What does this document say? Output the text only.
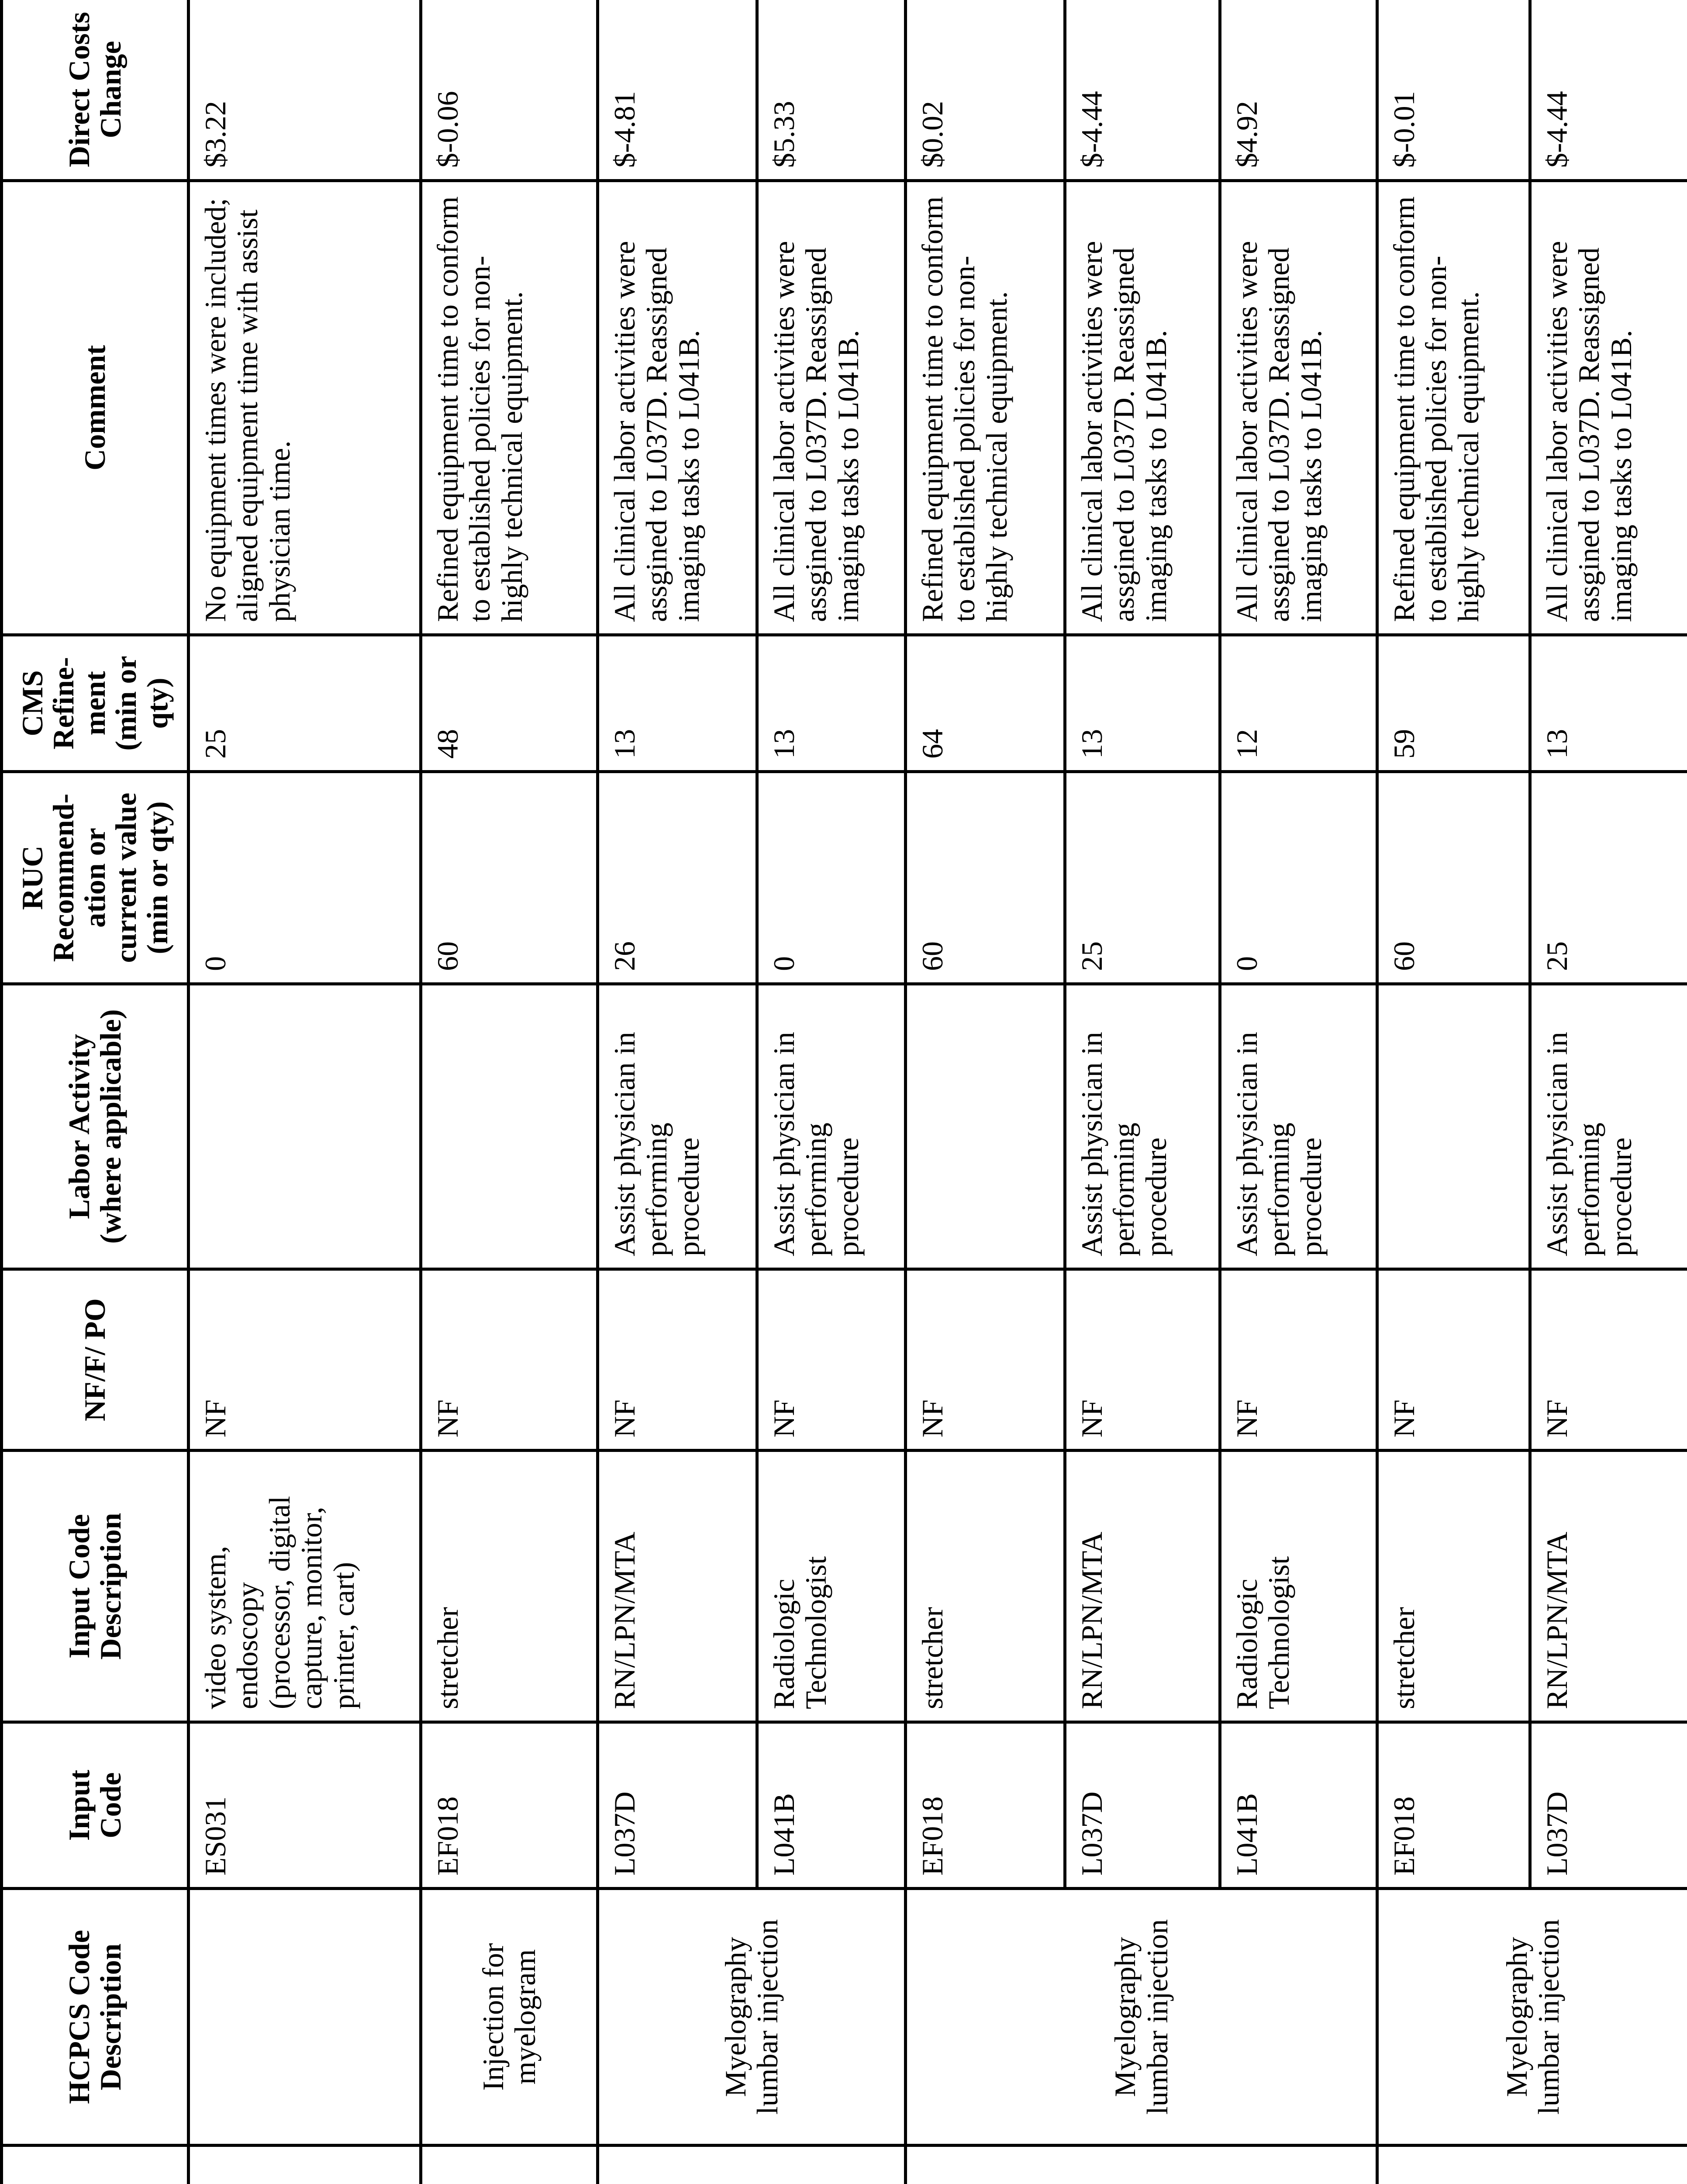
	HCPCS Code Description	Input Code	Input Code Description	NF/F/ PO	Labor Activity (where applicable)	RUC Recommend-ation or current value (min or qty)	CMS Refine-ment (min or qty)	Comment	Direct Costs Change
		ES031	video system, endoscopy (processor, digital capture, monitor, printer, cart)	NF		0	25	No equipment times were included; aligned equipment time with assist physician time.	$3.22
	Injection for myelogram	EF018	stretcher	NF		60	48	Refined equipment time to conform to established policies for non-highly technical equipment.	$-0.06
	Myelography lumbar injection	L037D	RN/LPN/MTA	NF	Assist physician in performing procedure	26	13	All clinical labor activities were assgined to L037D. Reassigned imaging tasks to L041B.	$-4.81
		L041B	Radiologic Technologist	NF	Assist physician in performing procedure	0	13	All clinical labor activities were assgined to L037D. Reassigned imaging tasks to L041B.	$5.33
	Myelography lumbar injection	EF018	stretcher	NF		60	64	Refined equipment time to conform to established policies for non-highly technical equipment.	$0.02
		L037D	RN/LPN/MTA	NF	Assist physician in performing procedure	25	13	All clinical labor activities were assgined to L037D. Reassigned imaging tasks to L041B.	$-4.44
		L041B	Radiologic Technologist	NF	Assist physician in performing procedure	0	12	All clinical labor activities were assgined to L037D. Reassigned imaging tasks to L041B.	$4.92
	Myelography lumbar injection	EF018	stretcher	NF		60	59	Refined equipment time to conform to established policies for non-highly technical equipment.	$-0.01
		L037D	RN/LPN/MTA	NF	Assist physician in performing procedure	25	13	All clinical labor activities were assgined to L037D. Reassigned imaging tasks to L041B.	$-4.44
